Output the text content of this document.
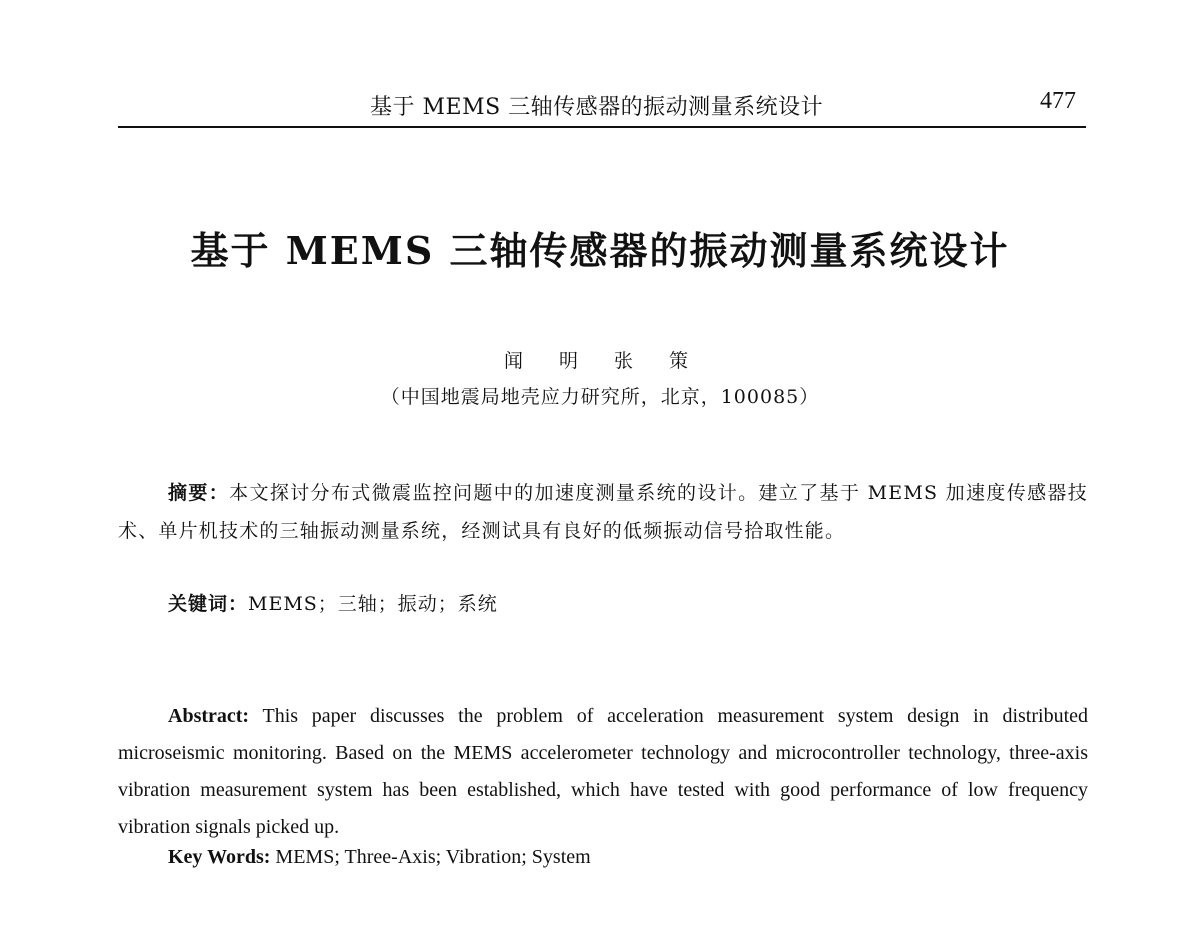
基于 MEMS 三轴传感器的振动测量系统设计	477
基于 MEMS 三轴传感器的振动测量系统设计
闻 明 张 策
（中国地震局地壳应力研究所，北京，100085）
摘要：本文探讨分布式微震监控问题中的加速度测量系统的设计。建立了基于 MEMS 加速度传感器技术、单片机技术的三轴振动测量系统，经测试具有良好的低频振动信号拾取性能。
关键词：MEMS；三轴；振动；系统
Abstract: This paper discusses the problem of acceleration measurement system design in distributed microseismic monitoring. Based on the MEMS accelerometer technology and microcontroller technology, three-axis vibration measurement system has been established, which have tested with good performance of low frequency vibration signals picked up.
Key Words: MEMS; Three-Axis; Vibration; System
